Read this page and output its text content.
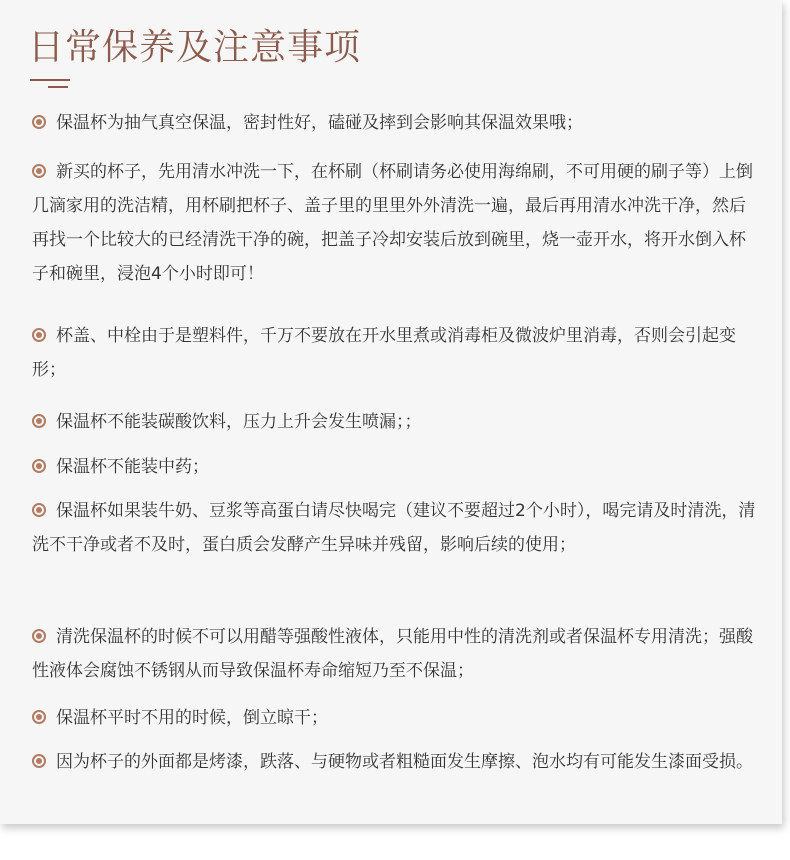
日常保养及注意事项
保温杯为抽气真空保温，密封性好，磕碰及摔到会影响其保温效果哦；
新买的杯子，先用清水冲洗一下，在杯刷（杯刷请务必使用海绵刷，不可用硬的刷子等）上倒几滴家用的洗洁精，用杯刷把杯子、盖子里的里里外外清洗一遍，最后再用清水冲洗干净，然后再找一个比较大的已经清洗干净的碗，把盖子冷却安装后放到碗里，烧一壶开水，将开水倒入杯子和碗里，浸泡4个小时即可！
杯盖、中栓由于是塑料件，千万不要放在开水里煮或消毒柜及微波炉里消毒，否则会引起变形；
保温杯不能装碳酸饮料，压力上升会发生喷漏；；
保温杯不能装中药；
保温杯如果装牛奶、豆浆等高蛋白请尽快喝完（建议不要超过2个小时），喝完请及时清洗，清洗不干净或者不及时，蛋白质会发酵产生异味并残留，影响后续的使用；
清洗保温杯的时候不可以用醋等强酸性液体，只能用中性的清洗剂或者保温杯专用清洗；强酸性液体会腐蚀不锈钢从而导致保温杯寿命缩短乃至不保温；
保温杯平时不用的时候，倒立晾干；
因为杯子的外面都是烤漆，跌落、与硬物或者粗糙面发生摩擦、泡水均有可能发生漆面受损。
